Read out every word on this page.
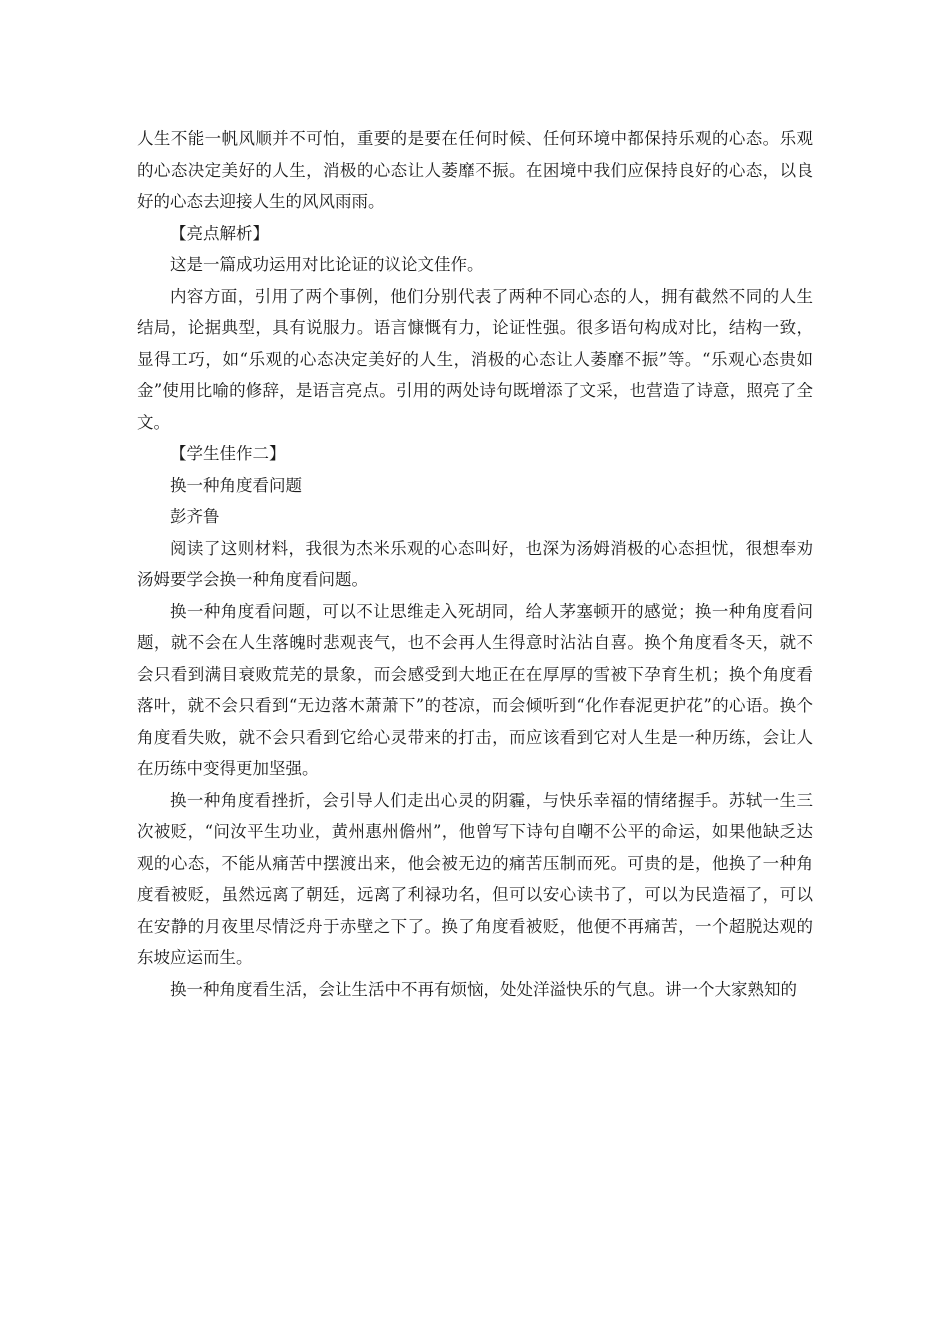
人生不能一帆风顺并不可怕，重要的是要在任何时候、任何环境中都保持乐观的心态。乐观的心态决定美好的人生，消极的心态让人萎靡不振。在困境中我们应保持良好的心态，以良好的心态去迎接人生的风风雨雨。

【亮点解析】

这是一篇成功运用对比论证的议论文佳作。

内容方面，引用了两个事例，他们分别代表了两种不同心态的人，拥有截然不同的人生结局，论据典型，具有说服力。语言慷慨有力，论证性强。很多语句构成对比，结构一致，显得工巧，如“乐观的心态决定美好的人生，消极的心态让人萎靡不振”等。“乐观心态贵如金”使用比喻的修辞，是语言亮点。引用的两处诗句既增添了文采，也营造了诗意，照亮了全文。

【学生佳作二】

换一种角度看问题

彭齐鲁

阅读了这则材料，我很为杰米乐观的心态叫好，也深为汤姆消极的心态担忧，很想奉劝汤姆要学会换一种角度看问题。

换一种角度看问题，可以不让思维走入死胡同，给人茅塞顿开的感觉；换一种角度看问题，就不会在人生落魄时悲观丧气，也不会再人生得意时沾沾自喜。换个角度看冬天，就不会只看到满目衰败荒芜的景象，而会感受到大地正在在厚厚的雪被下孕育生机；换个角度看落叶，就不会只看到“无边落木萧萧下”的苍凉，而会倾听到“化作春泥更护花”的心语。换个角度看失败，就不会只看到它给心灵带来的打击，而应该看到它对人生是一种历练，会让人在历练中变得更加坚强。

换一种角度看挫折，会引导人们走出心灵的阴霾，与快乐幸福的情绪握手。苏轼一生三次被贬，“问汝平生功业，黄州惠州儋州”，他曾写下诗句自嘲不公平的命运，如果他缺乏达观的心态，不能从痛苦中摆渡出来，他会被无边的痛苦压制而死。可贵的是，他换了一种角度看被贬，虽然远离了朝廷，远离了利禄功名，但可以安心读书了，可以为民造福了，可以在安静的月夜里尽情泛舟于赤壁之下了。换了角度看被贬，他便不再痛苦，一个超脱达观的东坡应运而生。

换一种角度看生活，会让生活中不再有烦恼，处处洋溢快乐的气息。讲一个大家熟知的
